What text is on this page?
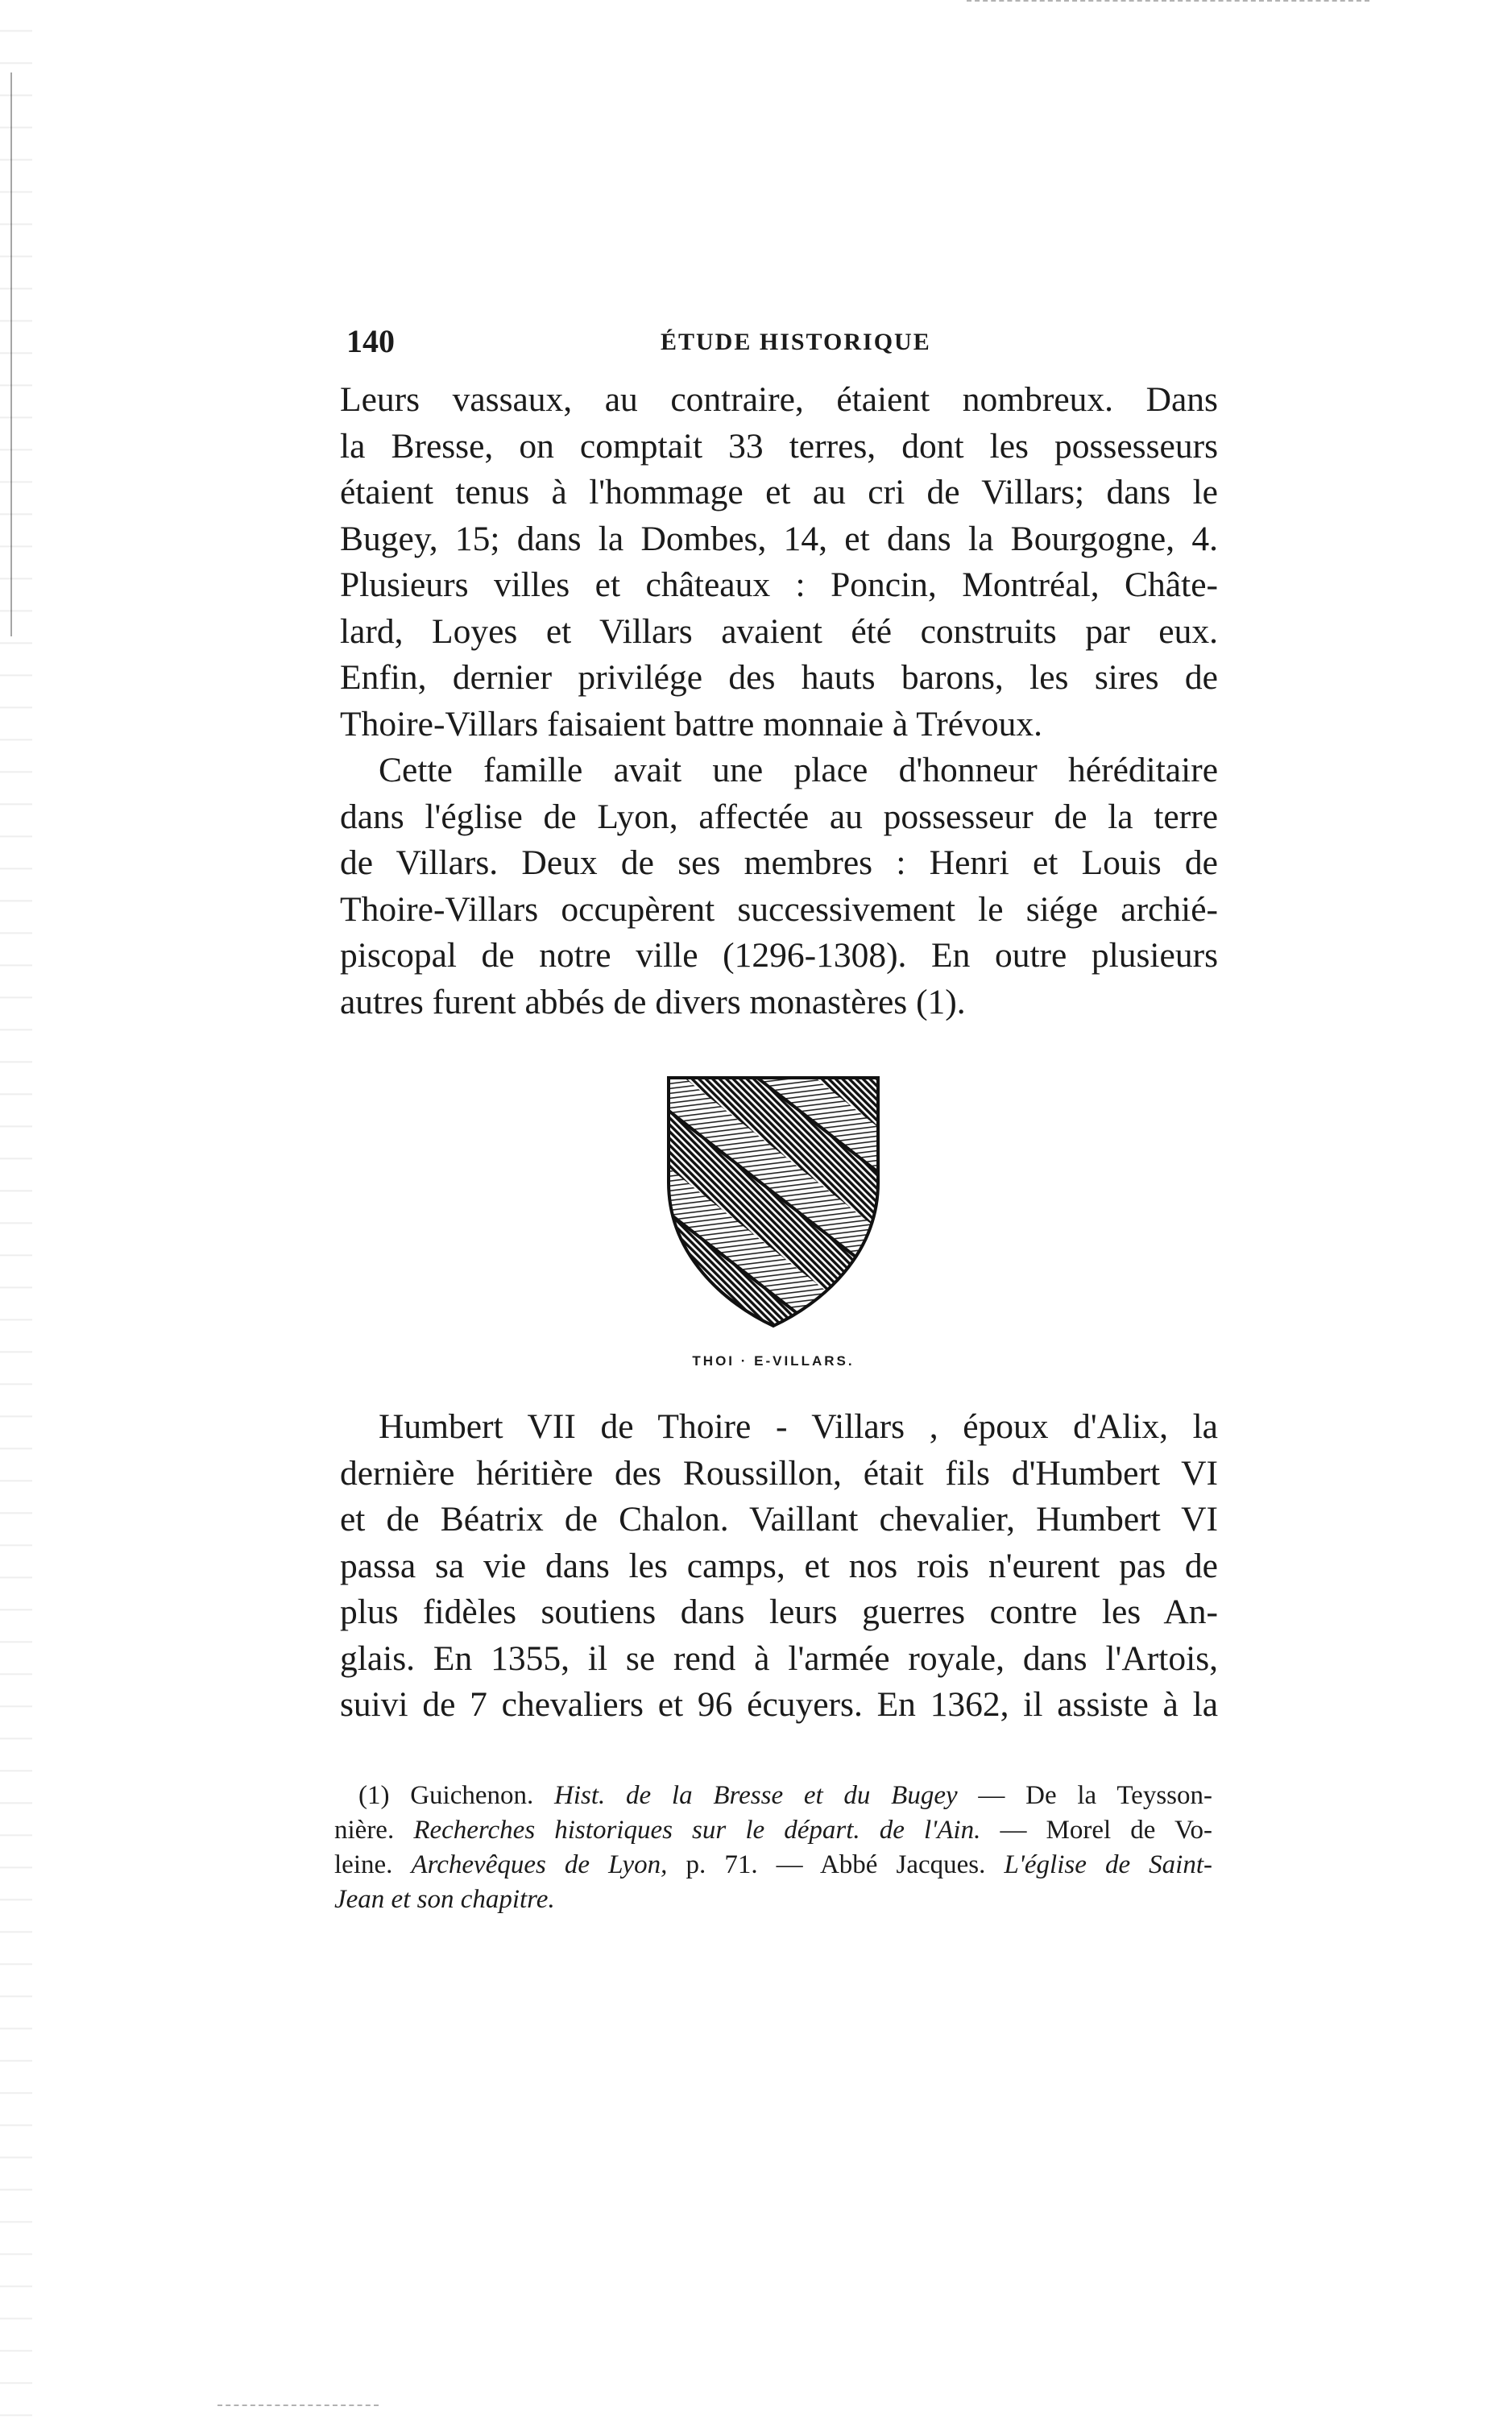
140	ÉTUDE HISTORIQUE
Leurs vassaux, au contraire, étaient nombreux. Dans
la Bresse, on comptait 33 terres, dont les possesseurs
étaient tenus à l'hommage et au cri de Villars; dans le
Bugey, 15; dans la Dombes, 14, et dans la Bourgogne, 4.
Plusieurs villes et châteaux : Poncin, Montréal, Châte-
lard, Loyes et Villars avaient été construits par eux.
Enfin, dernier privilége des hauts barons, les sires de
Thoire-Villars faisaient battre monnaie à Trévoux.
Cette famille avait une place d'honneur héréditaire
dans l'église de Lyon, affectée au possesseur de la terre
de Villars. Deux de ses membres : Henri et Louis de
Thoire-Villars occupèrent successivement le siége archié-
piscopal de notre ville (1296-1308). En outre plusieurs
autres furent abbés de divers monastères (1).
THOI · E-VILLARS.
Humbert VII de Thoire - Villars , époux d'Alix, la
dernière héritière des Roussillon, était fils d'Humbert VI
et de Béatrix de Chalon. Vaillant chevalier, Humbert VI
passa sa vie dans les camps, et nos rois n'eurent pas de
plus fidèles soutiens dans leurs guerres contre les An-
glais. En 1355, il se rend à l'armée royale, dans l'Artois,
suivi de 7 chevaliers et 96 écuyers. En 1362, il assiste à la
(1) Guichenon. Hist. de la Bresse et du Bugey — De la Teysson-
nière. Recherches historiques sur le départ. de l'Ain. — Morel de Vo-
leine. Archevêques de Lyon, p. 71. — Abbé Jacques. L'église de Saint-
Jean et son chapitre.
